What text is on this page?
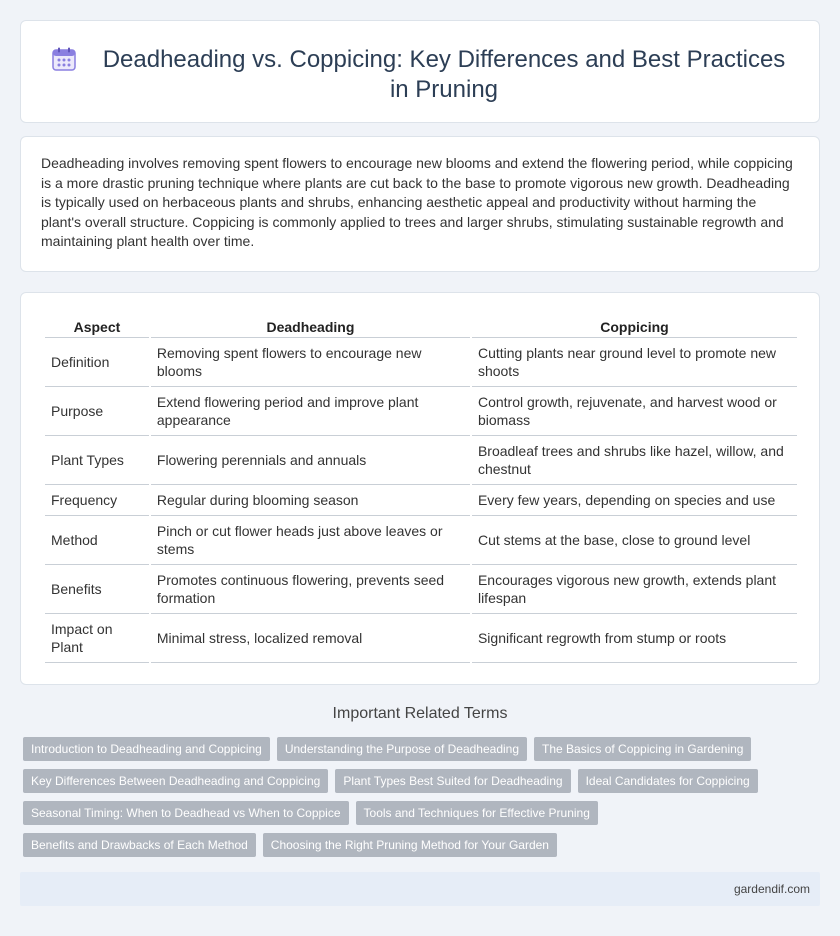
Deadheading vs. Coppicing: Key Differences and Best Practices in Pruning

Deadheading involves removing spent flowers to encourage new blooms and extend the flowering period, while coppicing is a more drastic pruning technique where plants are cut back to the base to promote vigorous new growth. Deadheading is typically used on herbaceous plants and shrubs, enhancing aesthetic appeal and productivity without harming the plant's overall structure. Coppicing is commonly applied to trees and larger shrubs, stimulating sustainable regrowth and maintaining plant health over time.

Aspect	Deadheading	Coppicing
Definition	Removing spent flowers to encourage new blooms	Cutting plants near ground level to promote new shoots
Purpose	Extend flowering period and improve plant appearance	Control growth, rejuvenate, and harvest wood or biomass
Plant Types	Flowering perennials and annuals	Broadleaf trees and shrubs like hazel, willow, and chestnut
Frequency	Regular during blooming season	Every few years, depending on species and use
Method	Pinch or cut flower heads just above leaves or stems	Cut stems at the base, close to ground level
Benefits	Promotes continuous flowering, prevents seed formation	Encourages vigorous new growth, extends plant lifespan
Impact on Plant	Minimal stress, localized removal	Significant regrowth from stump or roots
Important Related Terms
Introduction to Deadheading and Coppicing	Understanding the Purpose of Deadheading	The Basics of Coppicing in Gardening
Key Differences Between Deadheading and Coppicing	Plant Types Best Suited for Deadheading	Ideal Candidates for Coppicing
Seasonal Timing: When to Deadhead vs When to Coppice	Tools and Techniques for Effective Pruning
Benefits and Drawbacks of Each Method	Choosing the Right Pruning Method for Your Garden
gardendif.com
